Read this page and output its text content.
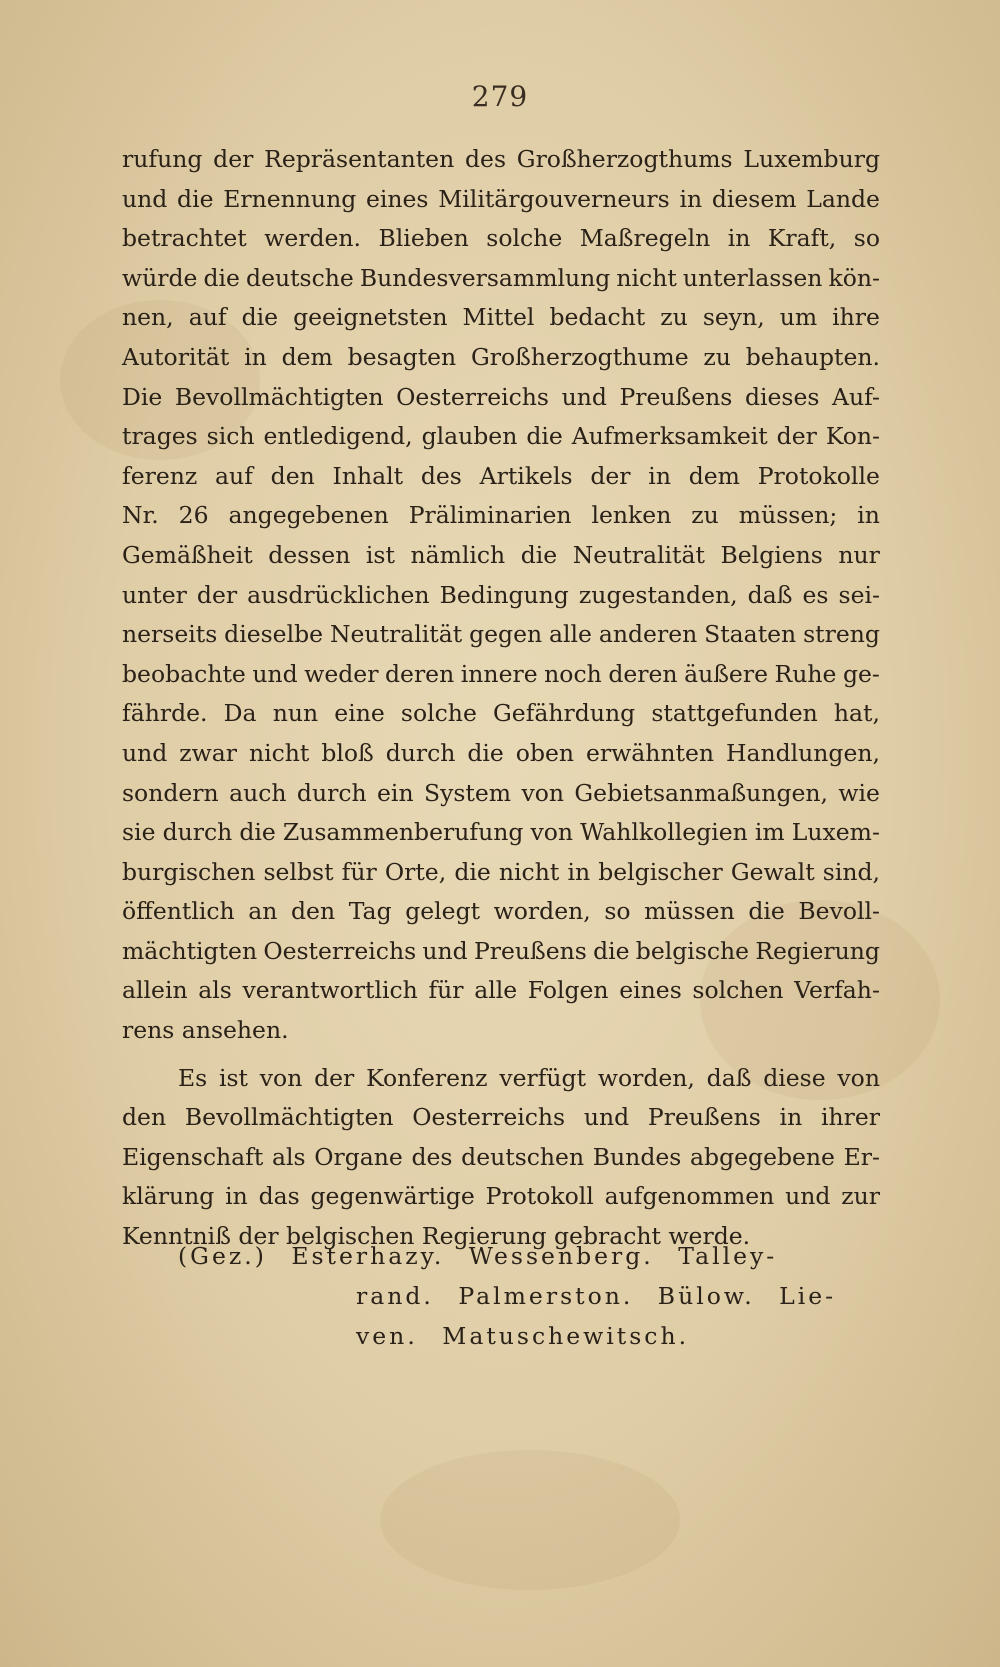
279
rufung der Repräsentanten des Großherzogthums Luxemburg
und die Ernennung eines Militärgouverneurs in diesem Lande
betrachtet werden. Blieben solche Maßregeln in Kraft, so
würde die deutsche Bundesversammlung nicht unterlassen kön-
nen, auf die geeignetsten Mittel bedacht zu seyn, um ihre
Autorität in dem besagten Großherzogthume zu behaupten.
Die Bevollmächtigten Oesterreichs und Preußens dieses Auf-
trages sich entledigend, glauben die Aufmerksamkeit der Kon-
ferenz auf den Inhalt des Artikels der in dem Protokolle
Nr. 26 angegebenen Präliminarien lenken zu müssen; in
Gemäßheit dessen ist nämlich die Neutralität Belgiens nur
unter der ausdrücklichen Bedingung zugestanden, daß es sei-
nerseits dieselbe Neutralität gegen alle anderen Staaten streng
beobachte und weder deren innere noch deren äußere Ruhe ge-
fährde. Da nun eine solche Gefährdung stattgefunden hat,
und zwar nicht bloß durch die oben erwähnten Handlungen,
sondern auch durch ein System von Gebietsanmaßungen, wie
sie durch die Zusammenberufung von Wahlkollegien im Luxem-
burgischen selbst für Orte, die nicht in belgischer Gewalt sind,
öffentlich an den Tag gelegt worden, so müssen die Bevoll-
mächtigten Oesterreichs und Preußens die belgische Regierung
allein als verantwortlich für alle Folgen eines solchen Verfah-
rens ansehen.
Es ist von der Konferenz verfügt worden, daß diese von
den Bevollmächtigten Oesterreichs und Preußens in ihrer
Eigenschaft als Organe des deutschen Bundes abgegebene Er-
klärung in das gegenwärtige Protokoll aufgenommen und zur
Kenntniß der belgischen Regierung gebracht werde.
(Gez.) Esterhazy. Wessenberg. Talley-
rand. Palmerston. Bülow. Lie-
ven. Matuschewitsch.
